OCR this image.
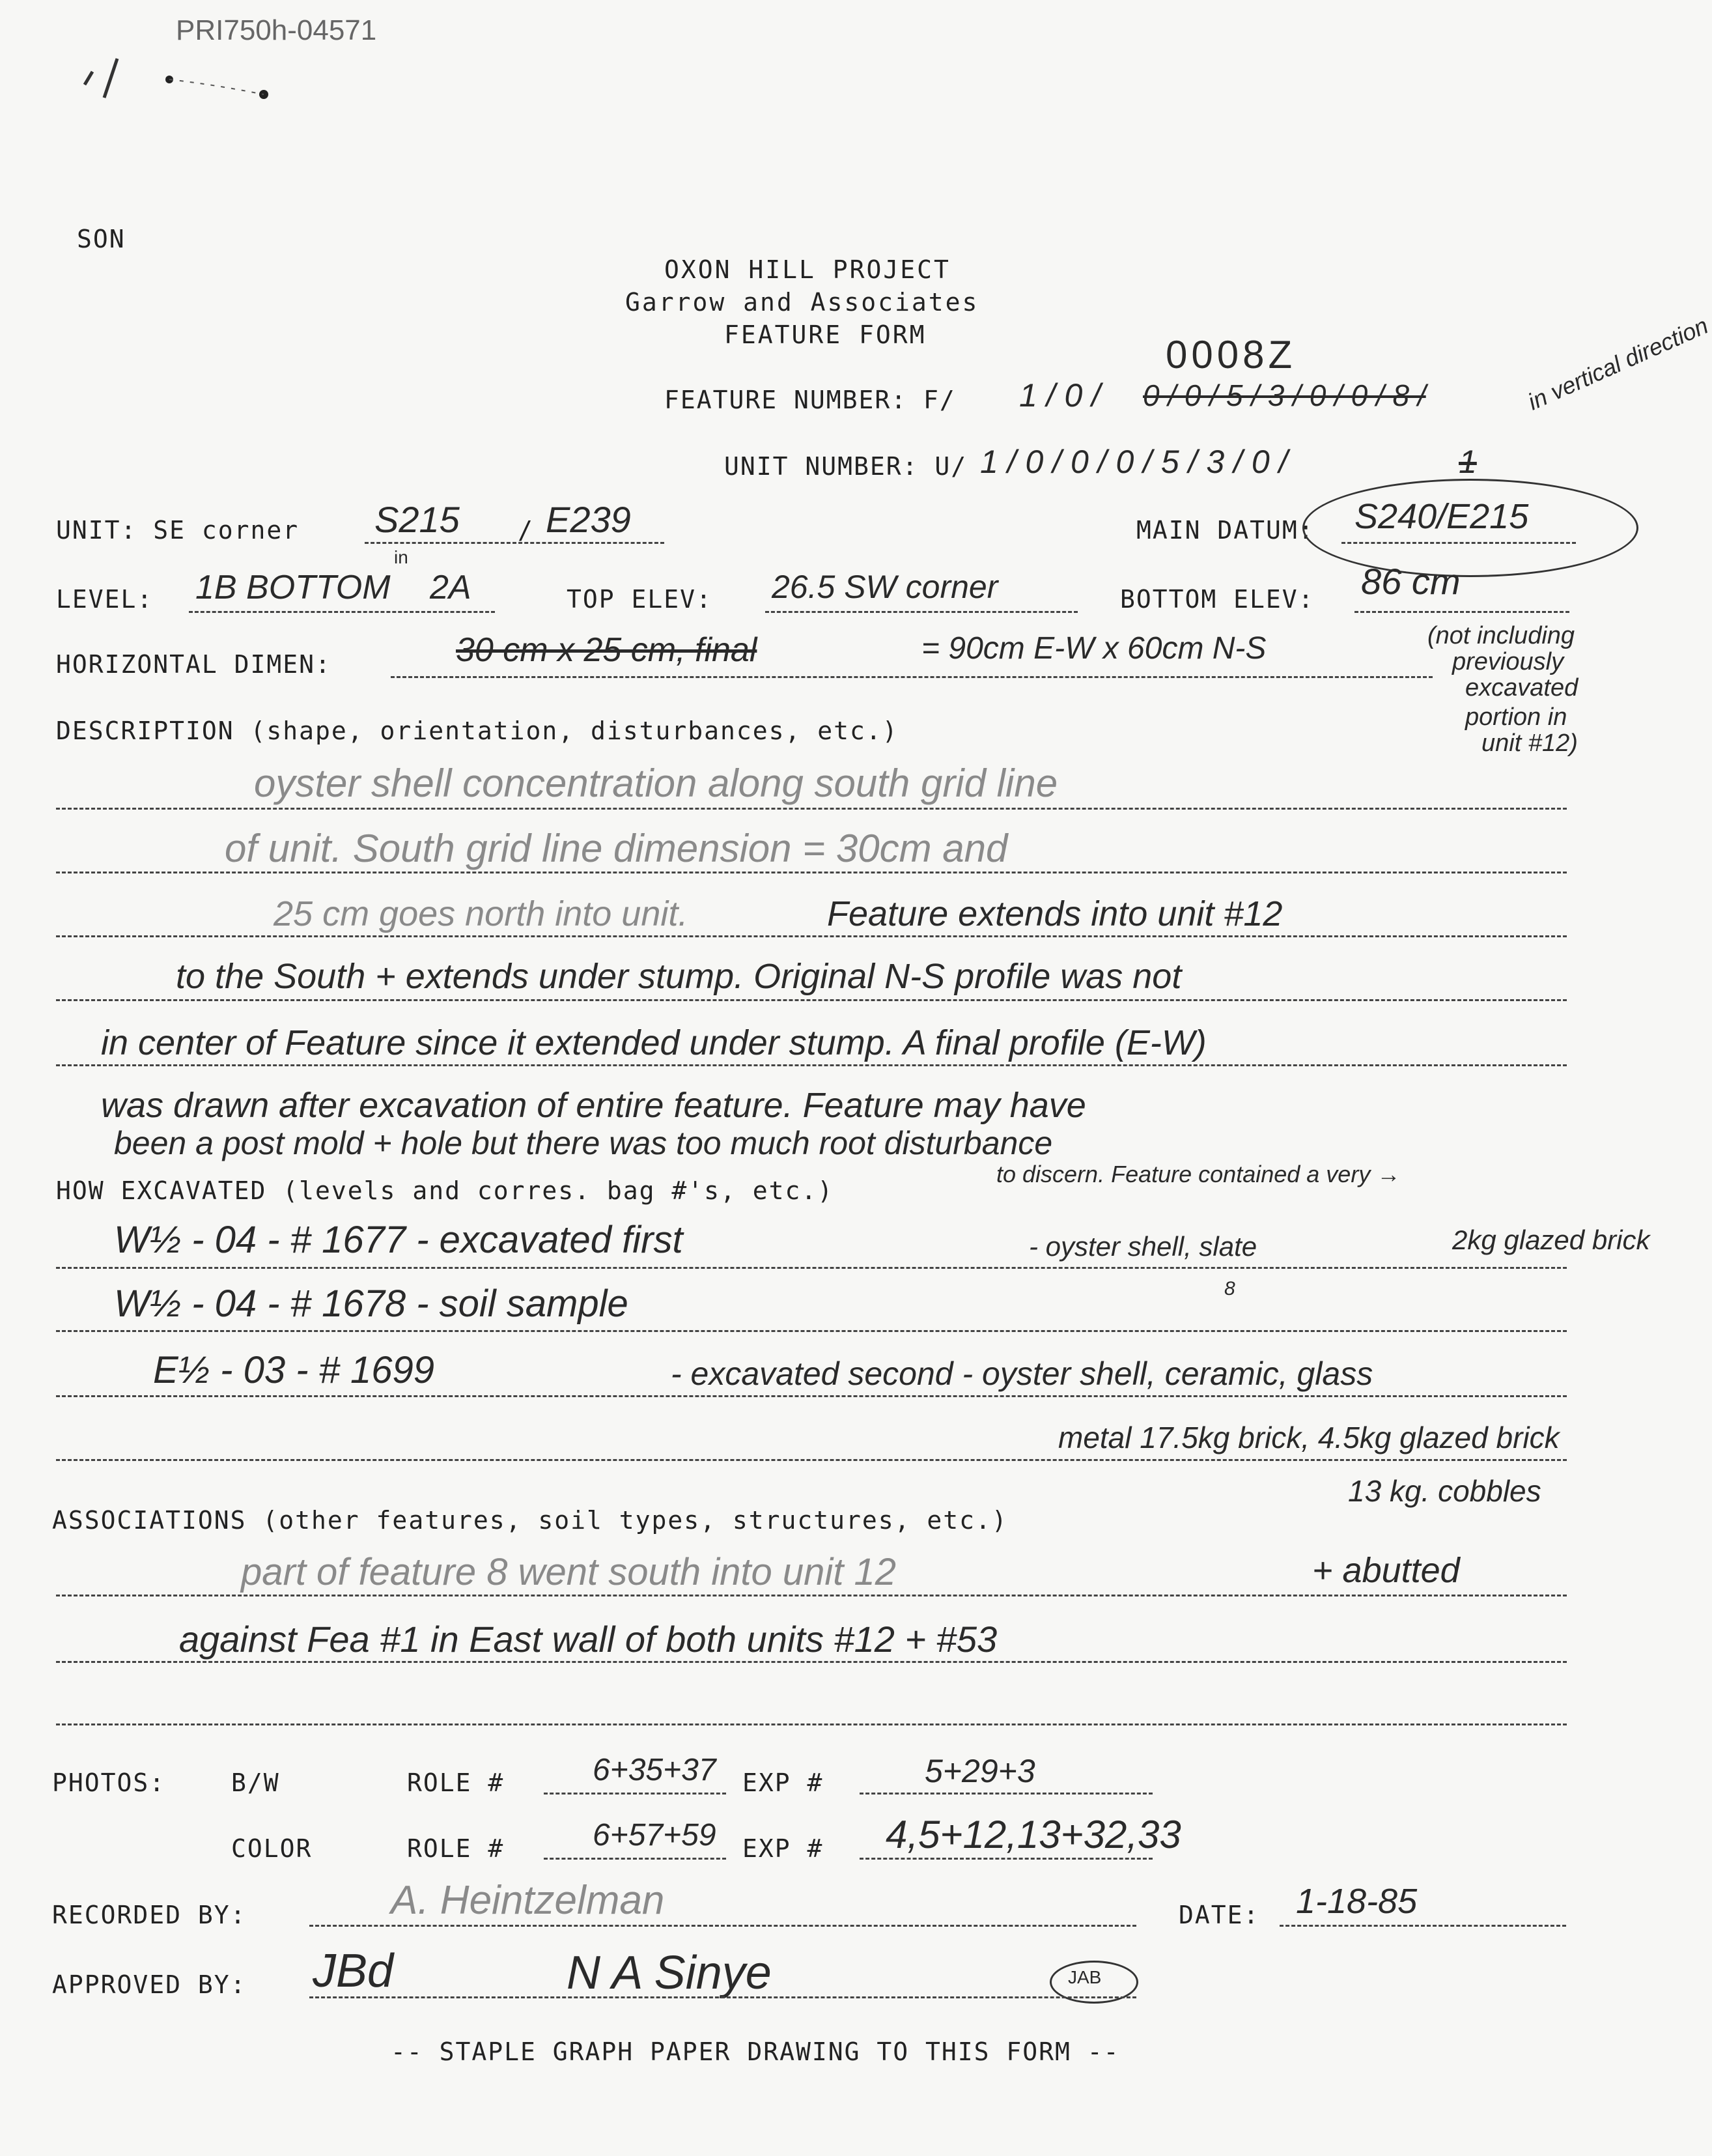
PRI750h-04571
SON
OXON HILL PROJECT
Garrow and Associates
FEATURE FORM
FEATURE NUMBER: F/ 1 / 0 / 0 / 0 / 5 / 3 / 0 / 0 / 8 /
0008Z	in vertical direction
UNIT NUMBER: U/ 1 / 0 / 0 / 0 / 5 / 3 / 0 /	1
UNIT: SE corner S215 / E239	MAIN DATUM: S240/E215
LEVEL: 1B BOTTOM
in
2A	TOP ELEV: 26.5 SW corner	BOTTOM ELEV: 86 cm
HORIZONTAL DIMEN:	30 cm x 25 cm, final	= 90cm E-W x 60cm N-S	(not including
previously
excavated
portion in
unit #12)
DESCRIPTION (shape, orientation, disturbances, etc.)
oyster shell concentration along south grid line
of unit. South grid line dimension = 30cm and
25 cm goes north into unit.	Feature extends into unit #12
to the South + extends under stump. Original N-S profile was not
in center of Feature since it extended under stump. A final profile (E-W)
was drawn after excavation of entire feature. Feature may have
been a post mold + hole but there was too much root disturbance
HOW EXCAVATED (levels and corres. bag #'s, etc.)
to discern. Feature contained a very →
W½ - 04 - # 1677 - excavated first	- oyster shell, slate	2kg glazed brick
W½ - 04 - # 1678 - soil sample	8
E½ - 03 - # 1699	- excavated second - oyster shell, ceramic, glass
metal 17.5kg brick, 4.5kg glazed brick
13 kg. cobbles
ASSOCIATIONS (other features, soil types, structures, etc.)
part of feature 8 went south into unit 12	+ abutted
against Fea #1 in East wall of both units #12 + #53
PHOTOS:	B/W	ROLE #	6+35+37 EXP #	5+29+3
COLOR	ROLE #	6+57+59 EXP # 4,5+12,13+32,33
RECORDED BY:	A. Heintzelman	DATE: 1-18-85
APPROVED BY: JBd	N A Sinye	JAB
-- STAPLE GRAPH PAPER DRAWING TO THIS FORM --
